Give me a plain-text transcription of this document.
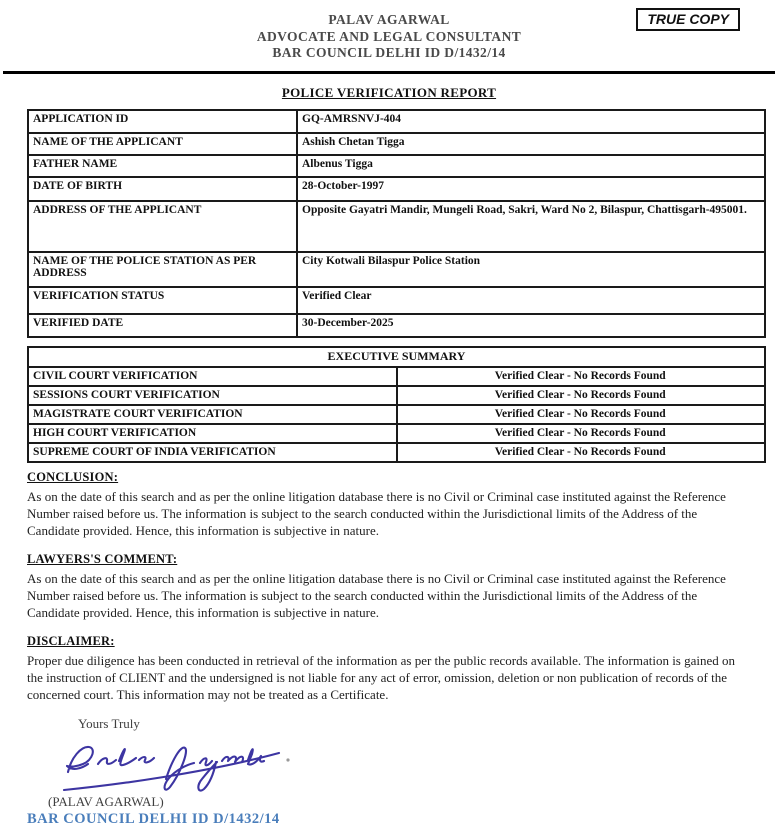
TRUE COPY
PALAV AGARWAL
ADVOCATE AND LEGAL CONSULTANT
BAR COUNCIL DELHI ID D/1432/14
POLICE VERIFICATION REPORT
APPLICATION ID	GQ-AMRSNVJ-404
NAME OF THE APPLICANT	Ashish Chetan Tigga
FATHER NAME	Albenus Tigga
DATE OF BIRTH	28-October-1997
ADDRESS OF THE APPLICANT	Opposite Gayatri Mandir, Mungeli Road, Sakri, Ward No 2, Bilaspur, Chattisgarh-495001.
NAME OF THE POLICE STATION AS PER ADDRESS	City Kotwali Bilaspur Police Station
VERIFICATION STATUS	Verified Clear
VERIFIED DATE	30-December-2025
EXECUTIVE SUMMARY	
CIVIL COURT VERIFICATION	Verified Clear - No Records Found
SESSIONS COURT VERIFICATION	Verified Clear - No Records Found
MAGISTRATE COURT VERIFICATION	Verified Clear - No Records Found
HIGH COURT VERIFICATION	Verified Clear - No Records Found
SUPREME COURT OF INDIA VERIFICATION	Verified Clear - No Records Found
CONCLUSION:
As on the date of this search and as per the online litigation database there is no Civil or Criminal case instituted against the Reference Number raised before us. The information is subject to the search conducted within the Jurisdictional limits of the Address of the Candidate provided. Hence, this information is subjective in nature.
LAWYERS'S COMMENT:
As on the date of this search and as per the online litigation database there is no Civil or Criminal case instituted against the Reference Number raised before us. The information is subject to the search conducted within the Jurisdictional limits of the Address of the Candidate provided. Hence, this information is subjective in nature.
DISCLAIMER:
Proper due diligence has been conducted in retrieval of the information as per the public records available. The information is gained on the instruction of CLIENT and the undersigned is not liable for any act of error, omission, deletion or non publication of records of the concerned court. This information may not be treated as a Certificate.
Yours Truly
(PALAV AGARWAL)
BAR COUNCIL DELHI ID D/1432/14
